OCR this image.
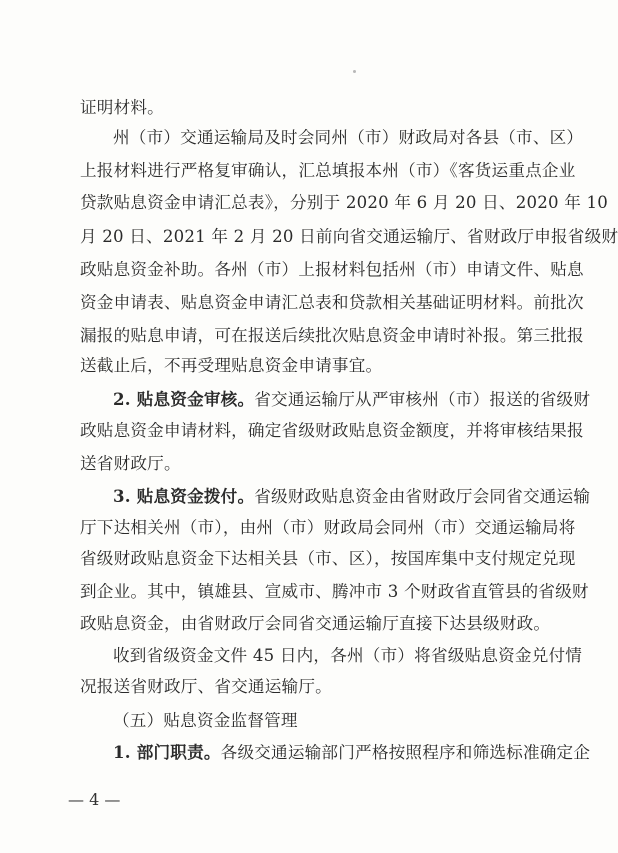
证明材料。
州（市）交通运输局及时会同州（市）财政局对各县（市、区）
上报材料进行严格复审确认，汇总填报本州（市）《客货运重点企业
贷款贴息资金申请汇总表》，分别于 2020 年 6 月 20 日、2020 年 10
月 20 日、2021 年 2 月 20 日前向省交通运输厅、省财政厅申报省级财
政贴息资金补助。各州（市）上报材料包括州（市）申请文件、贴息
资金申请表、贴息资金申请汇总表和贷款相关基础证明材料。前批次
漏报的贴息申请，可在报送后续批次贴息资金申请时补报。第三批报
送截止后，不再受理贴息资金申请事宜。
2. 贴息资金审核。省交通运输厅从严审核州（市）报送的省级财
政贴息资金申请材料，确定省级财政贴息资金额度，并将审核结果报
送省财政厅。
3. 贴息资金拨付。省级财政贴息资金由省财政厅会同省交通运输
厅下达相关州（市），由州（市）财政局会同州（市）交通运输局将
省级财政贴息资金下达相关县（市、区），按国库集中支付规定兑现
到企业。其中，镇雄县、宣威市、腾冲市 3 个财政省直管县的省级财
政贴息资金，由省财政厅会同省交通运输厅直接下达县级财政。
收到省级资金文件 45 日内，各州（市）将省级贴息资金兑付情
况报送省财政厅、省交通运输厅。
（五）贴息资金监督管理
1. 部门职责。各级交通运输部门严格按照程序和筛选标准确定企
— 4 —
